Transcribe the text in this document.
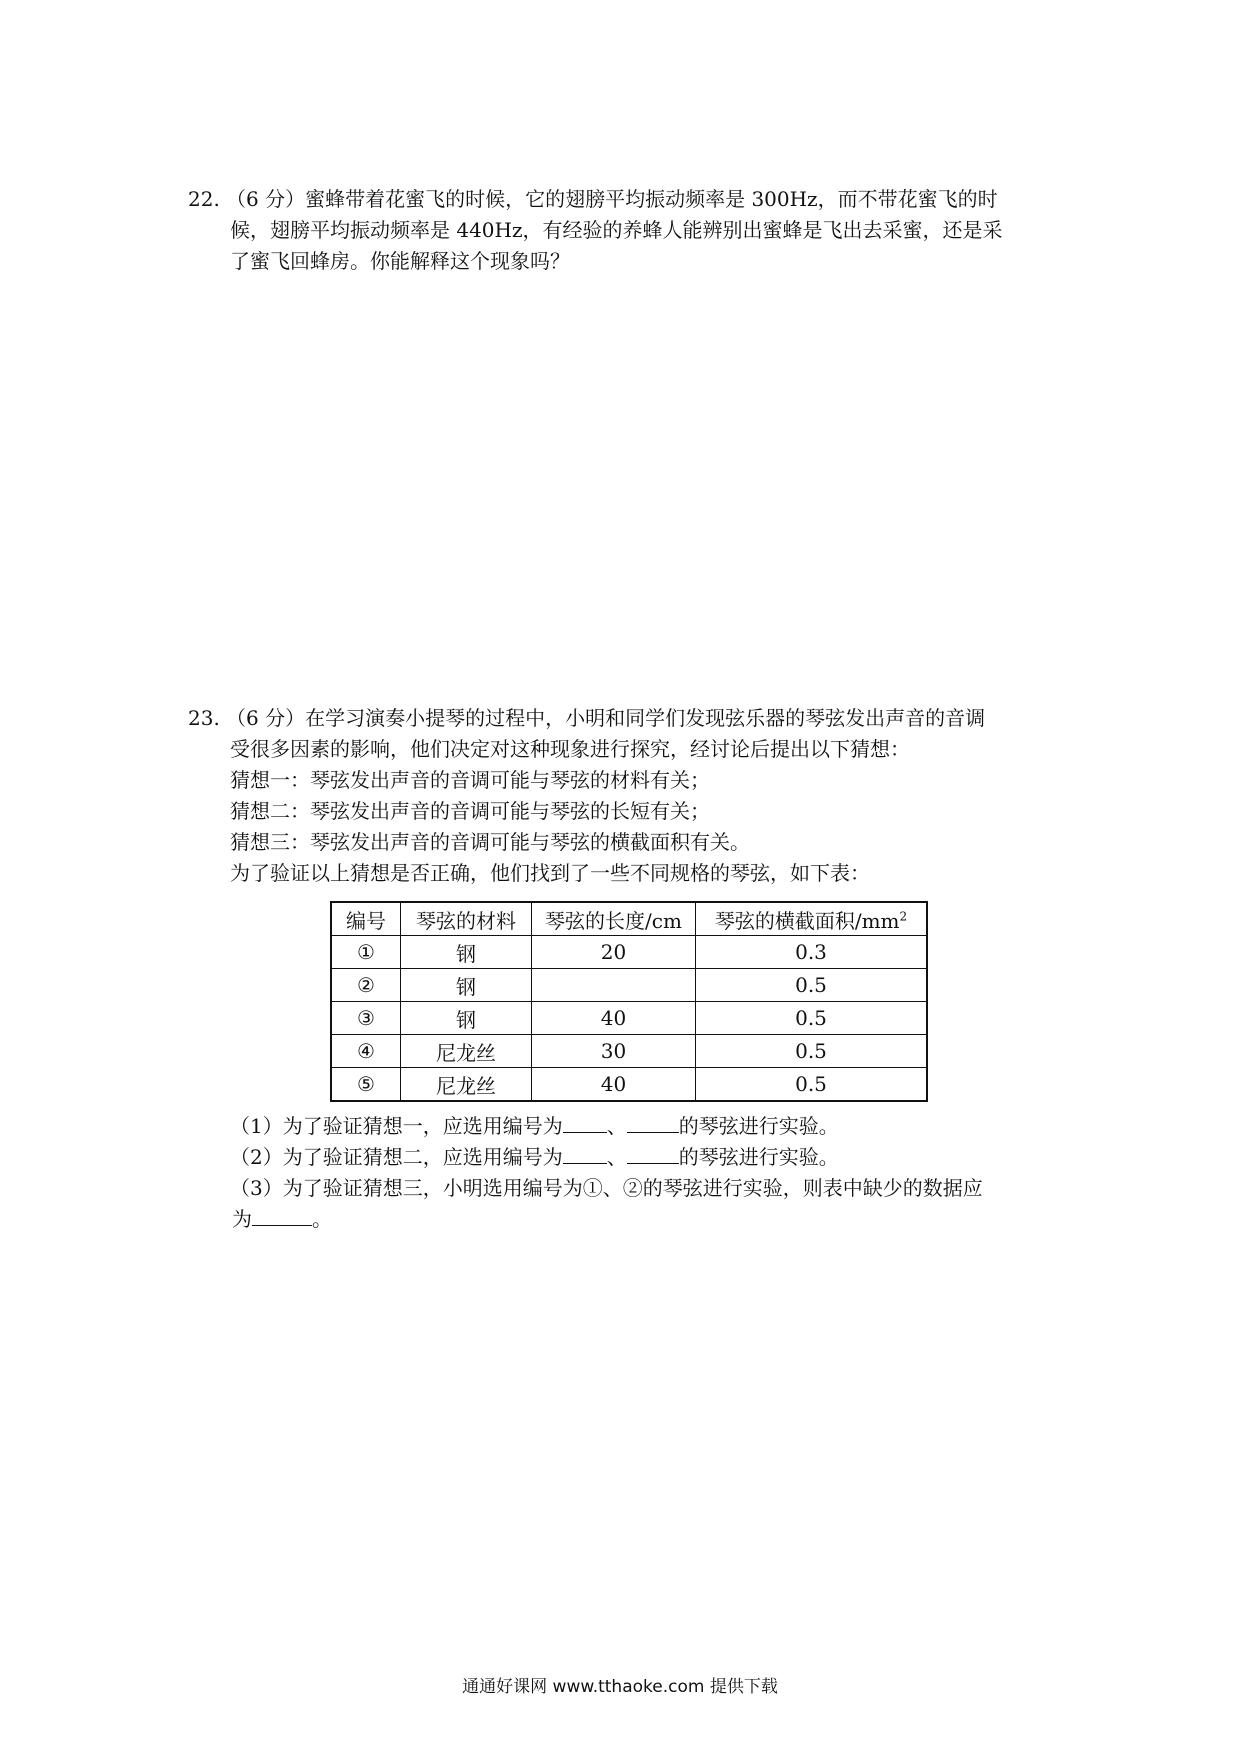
22. （6 分）蜜蜂带着花蜜飞的时候，它的翅膀平均振动频率是 300Hz，而不带花蜜飞的时
候，翅膀平均振动频率是 440Hz，有经验的养蜂人能辨别出蜜蜂是飞出去采蜜，还是采
了蜜飞回蜂房。你能解释这个现象吗？
23. （6 分）在学习演奏小提琴的过程中，小明和同学们发现弦乐器的琴弦发出声音的音调
受很多因素的影响，他们决定对这种现象进行探究，经讨论后提出以下猜想：
猜想一：琴弦发出声音的音调可能与琴弦的材料有关；
猜想二：琴弦发出声音的音调可能与琴弦的长短有关；
猜想三：琴弦发出声音的音调可能与琴弦的横截面积有关。
为了验证以上猜想是否正确，他们找到了一些不同规格的琴弦，如下表：
编号	琴弦的材料	琴弦的长度/cm	琴弦的横截面积$/mm^2$
①	钢	20	0.3
②	钢		0.5
③	钢	40	0.5
④	尼龙丝	30	0.5
⑤	尼龙丝	40	0.5
（1）为了验证猜想一，应选用编号为 、	的琴弦进行实验。
（2）为了验证猜想二，应选用编号为 、	的琴弦进行实验。
（3）为了验证猜想三，小明选用编号为①、②的琴弦进行实验，则表中缺少的数据应
为	。
通通好课网 www.tthaoke.com 提供下载
